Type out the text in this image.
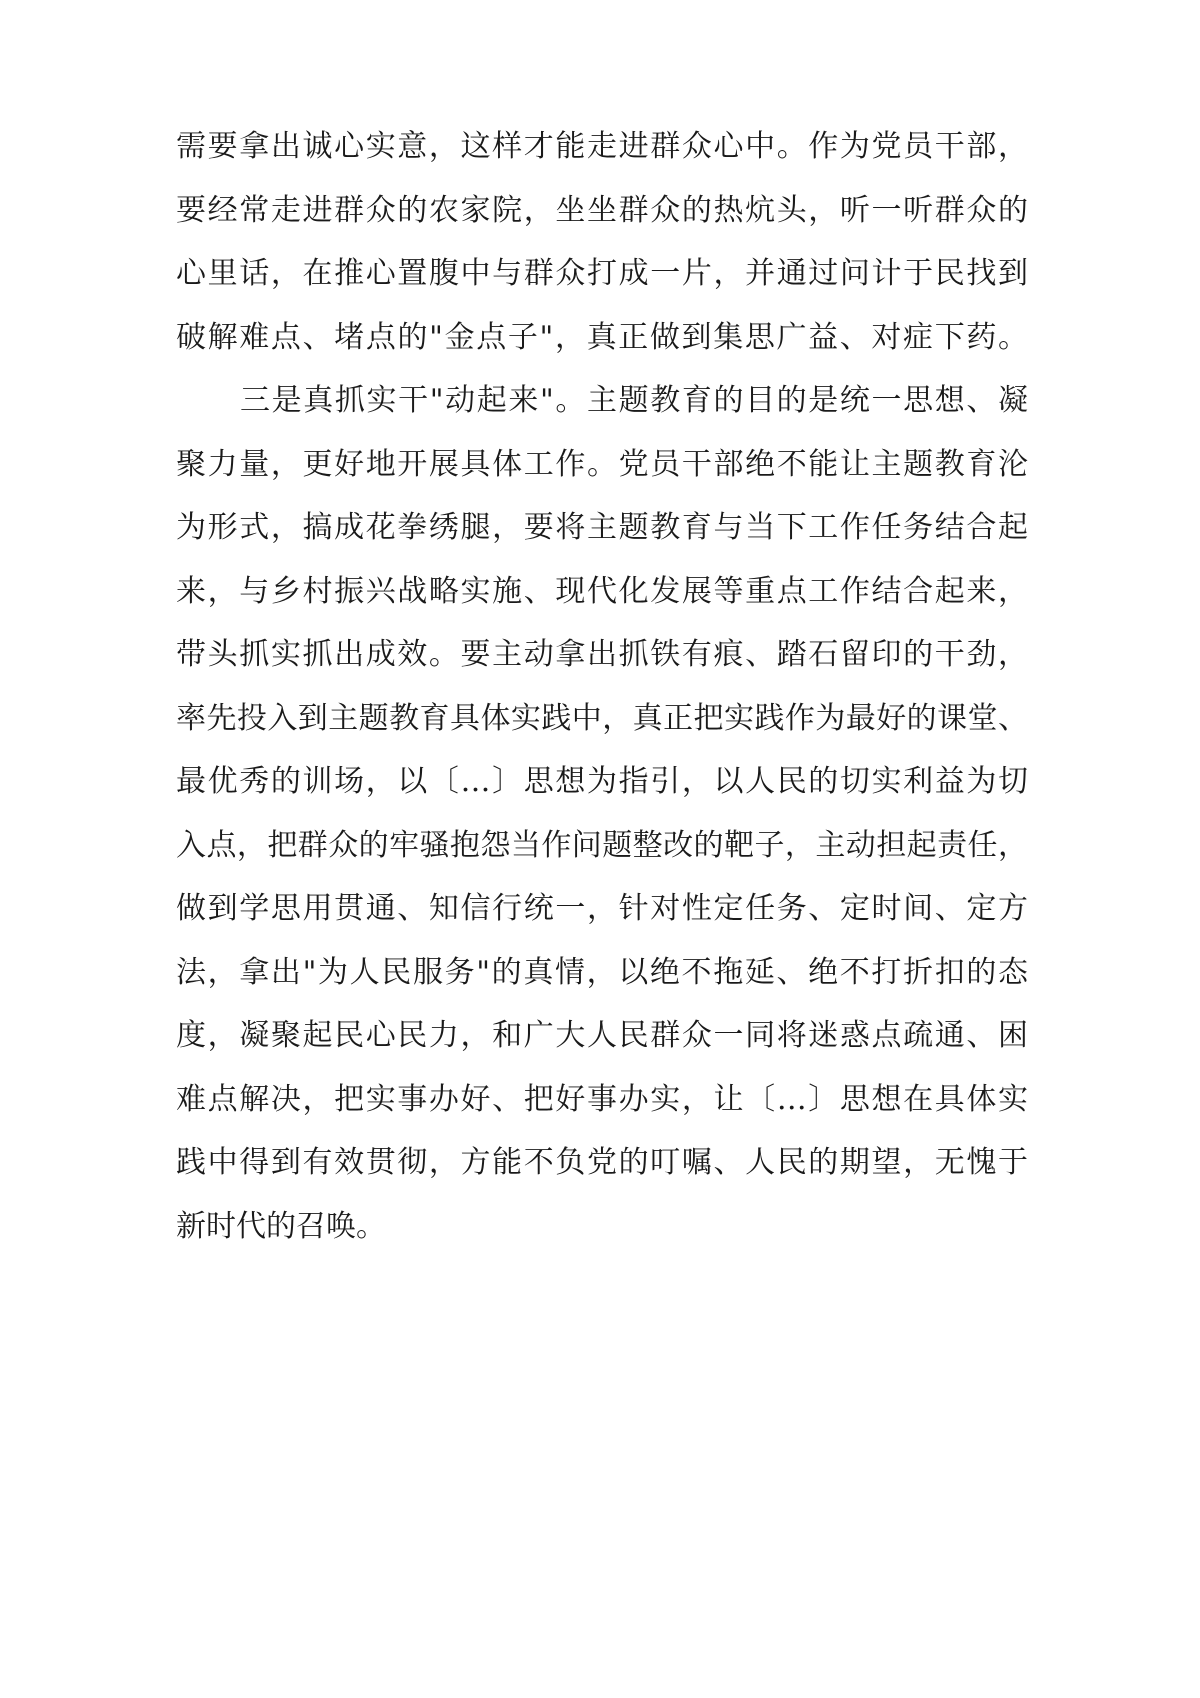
需要拿出诚心实意，这样才能走进群众心中。作为党员干部，
要经常走进群众的农家院，坐坐群众的热炕头，听一听群众的
心里话，在推心置腹中与群众打成一片，并通过问计于民找到
破解难点、堵点的"金点子"，真正做到集思广益、对症下药。
三是真抓实干"动起来"。主题教育的目的是统一思想、凝
聚力量，更好地开展具体工作。党员干部绝不能让主题教育沦
为形式，搞成花拳绣腿，要将主题教育与当下工作任务结合起
来，与乡村振兴战略实施、现代化发展等重点工作结合起来，
带头抓实抓出成效。要主动拿出抓铁有痕、踏石留印的干劲，
率先投入到主题教育具体实践中，真正把实践作为最好的课堂、
最优秀的训场，以〔…〕思想为指引，以人民的切实利益为切
入点，把群众的牢骚抱怨当作问题整改的靶子，主动担起责任，
做到学思用贯通、知信行统一，针对性定任务、定时间、定方
法，拿出"为人民服务"的真情，以绝不拖延、绝不打折扣的态
度，凝聚起民心民力，和广大人民群众一同将迷惑点疏通、困
难点解决，把实事办好、把好事办实，让〔…〕思想在具体实
践中得到有效贯彻，方能不负党的叮嘱、人民的期望，无愧于
新时代的召唤。
